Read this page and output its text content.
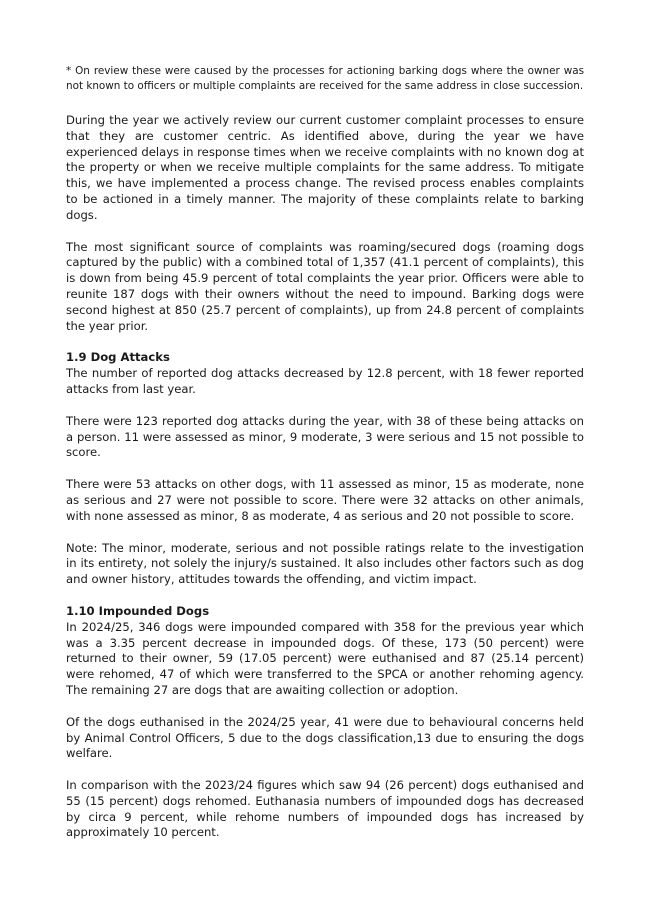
* On review these were caused by the processes for actioning barking dogs where the owner was not known to officers or multiple complaints are received for the same address in close succession.

During the year we actively review our current customer complaint processes to ensure that they are customer centric. As identified above, during the year we have experienced delays in response times when we receive complaints with no known dog at the property or when we receive multiple complaints for the same address. To mitigate this, we have implemented a process change. The revised process enables complaints to be actioned in a timely manner. The majority of these complaints relate to barking dogs.

The most significant source of complaints was roaming/secured dogs (roaming dogs captured by the public) with a combined total of 1,357 (41.1 percent of complaints), this is down from being 45.9 percent of total complaints the year prior. Officers were able to reunite 187 dogs with their owners without the need to impound. Barking dogs were second highest at 850 (25.7 percent of complaints), up from 24.8 percent of complaints the year prior.

1.9 Dog Attacks

The number of reported dog attacks decreased by 12.8 percent, with 18 fewer reported attacks from last year.

There were 123 reported dog attacks during the year, with 38 of these being attacks on a person. 11 were assessed as minor, 9 moderate, 3 were serious and 15 not possible to score.

There were 53 attacks on other dogs, with 11 assessed as minor, 15 as moderate, none as serious and 27 were not possible to score. There were 32 attacks on other animals, with none assessed as minor, 8 as moderate, 4 as serious and 20 not possible to score.

Note: The minor, moderate, serious and not possible ratings relate to the investigation in its entirety, not solely the injury/s sustained. It also includes other factors such as dog and owner history, attitudes towards the offending, and victim impact.

1.10 Impounded Dogs

In 2024/25, 346 dogs were impounded compared with 358 for the previous year which was a 3.35 percent decrease in impounded dogs. Of these, 173 (50 percent) were returned to their owner, 59 (17.05 percent) were euthanised and 87 (25.14 percent) were rehomed, 47 of which were transferred to the SPCA or another rehoming agency. The remaining 27 are dogs that are awaiting collection or adoption.

Of the dogs euthanised in the 2024/25 year, 41 were due to behavioural concerns held by Animal Control Officers, 5 due to the dogs classification,13 due to ensuring the dogs welfare.

In comparison with the 2023/24 figures which saw 94 (26 percent) dogs euthanised and 55 (15 percent) dogs rehomed. Euthanasia numbers of impounded dogs has decreased by circa 9 percent, while rehome numbers of impounded dogs has increased by approximately 10 percent.
